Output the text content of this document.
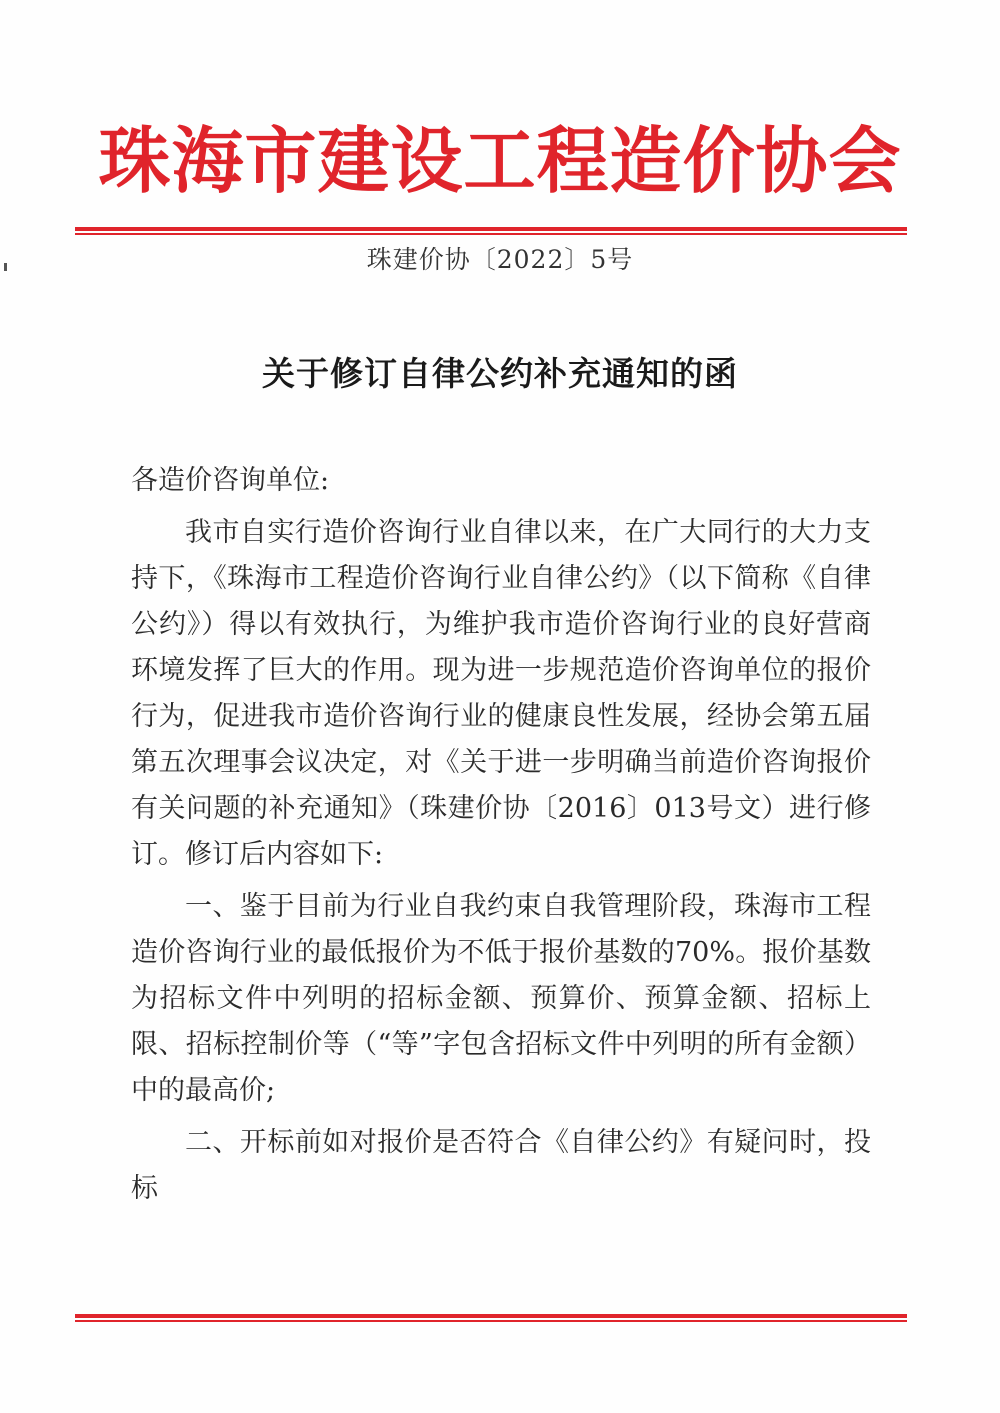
珠海市建设工程造价协会
珠建价协〔2022〕5号
关于修订自律公约补充通知的函

各造价咨询单位:

我市自实行造价咨询行业自律以来，在广大同行的大力支持下，《珠海市工程造价咨询行业自律公约》（以下简称《自律公约》）得以有效执行，为维护我市造价咨询行业的良好营商环境发挥了巨大的作用。现为进一步规范造价咨询单位的报价行为，促进我市造价咨询行业的健康良性发展，经协会第五届第五次理事会议决定，对《关于进一步明确当前造价咨询报价有关问题的补充通知》（珠建价协〔2016〕013号文）进行修订。修订后内容如下:

一、鉴于目前为行业自我约束自我管理阶段，珠海市工程造价咨询行业的最低报价为不低于报价基数的70%。报价基数为招标文件中列明的招标金额、预算价、预算金额、招标上限、招标控制价等（“等”字包含招标文件中列明的所有金额）中的最高价;

二、开标前如对报价是否符合《自律公约》有疑问时，投标
